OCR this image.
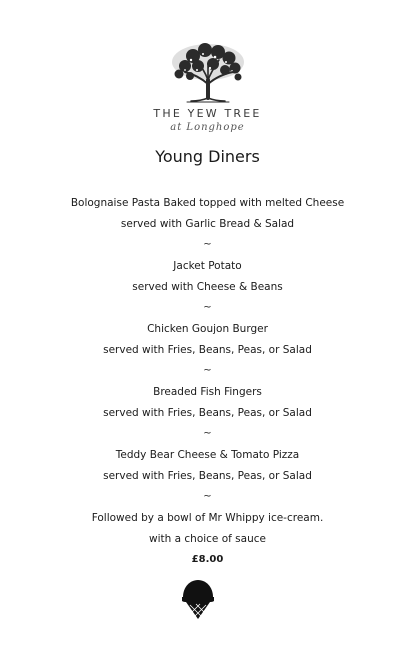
THE YEW TREE
at Longhope
Young Diners
Bolognaise Pasta Baked topped with melted Cheese
served with Garlic Bread & Salad
~
Jacket Potato
served with Cheese & Beans
~
Chicken Goujon Burger
served with Fries, Beans, Peas, or Salad
~
Breaded Fish Fingers
served with Fries, Beans, Peas, or Salad
~
Teddy Bear Cheese & Tomato Pizza
served with Fries, Beans, Peas, or Salad
~
Followed by a bowl of Mr Whippy ice-cream.
with a choice of sauce
£8.00
